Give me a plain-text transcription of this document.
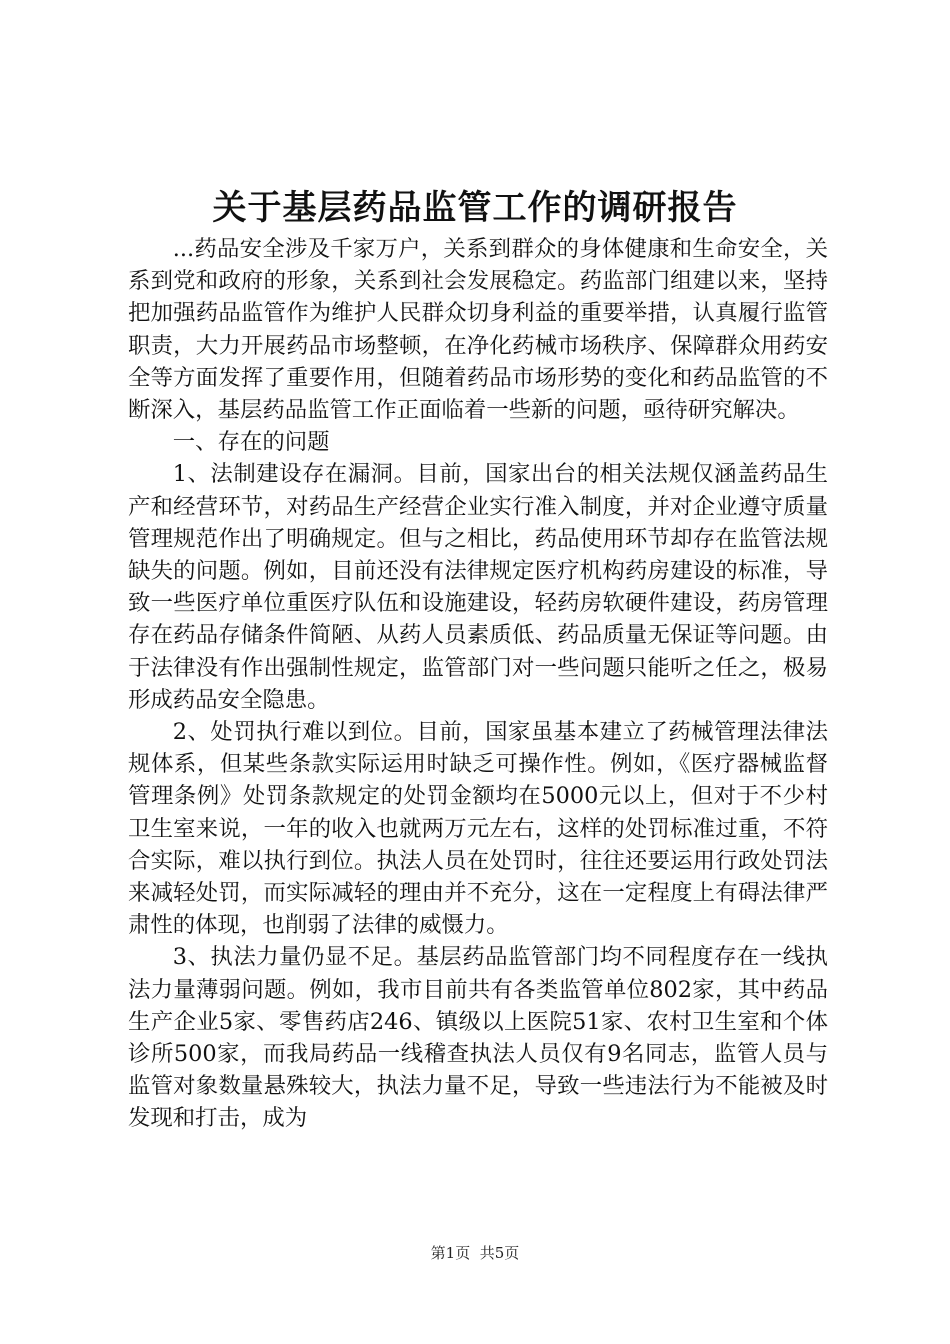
关于基层药品监管工作的调研报告

...药品安全涉及千家万户，关系到群众的身体健康和生命安全，关系到党和政府的形象，关系到社会发展稳定。药监部门组建以来，坚持把加强药品监管作为维护人民群众切身利益的重要举措，认真履行监管职责，大力开展药品市场整顿，在净化药械市场秩序、保障群众用药安全等方面发挥了重要作用，但随着药品市场形势的变化和药品监管的不断深入，基层药品监管工作正面临着一些新的问题，亟待研究解决。

一、存在的问题

1、法制建设存在漏洞。目前，国家出台的相关法规仅涵盖药品生产和经营环节，对药品生产经营企业实行准入制度，并对企业遵守质量管理规范作出了明确规定。但与之相比，药品使用环节却存在监管法规缺失的问题。例如，目前还没有法律规定医疗机构药房建设的标准，导致一些医疗单位重医疗队伍和设施建设，轻药房软硬件建设，药房管理存在药品存储条件简陋、从药人员素质低、药品质量无保证等问题。由于法律没有作出强制性规定，监管部门对一些问题只能听之任之，极易形成药品安全隐患。

2、处罚执行难以到位。目前，国家虽基本建立了药械管理法律法规体系，但某些条款实际运用时缺乏可操作性。例如，《医疗器械监督管理条例》处罚条款规定的处罚金额均在5000元以上，但对于不少村卫生室来说，一年的收入也就两万元左右，这样的处罚标准过重，不符合实际，难以执行到位。执法人员在处罚时，往往还要运用行政处罚法来减轻处罚，而实际减轻的理由并不充分，这在一定程度上有碍法律严肃性的体现，也削弱了法律的威慑力。

3、执法力量仍显不足。基层药品监管部门均不同程度存在一线执法力量薄弱问题。例如，我市目前共有各类监管单位802家，其中药品生产企业5家、零售药店246、镇级以上医院51家、农村卫生室和个体诊所500家，而我局药品一线稽查执法人员仅有9名同志，监管人员与监管对象数量悬殊较大，执法力量不足，导致一些违法行为不能被及时发现和打击，成为

第1页 共5页
